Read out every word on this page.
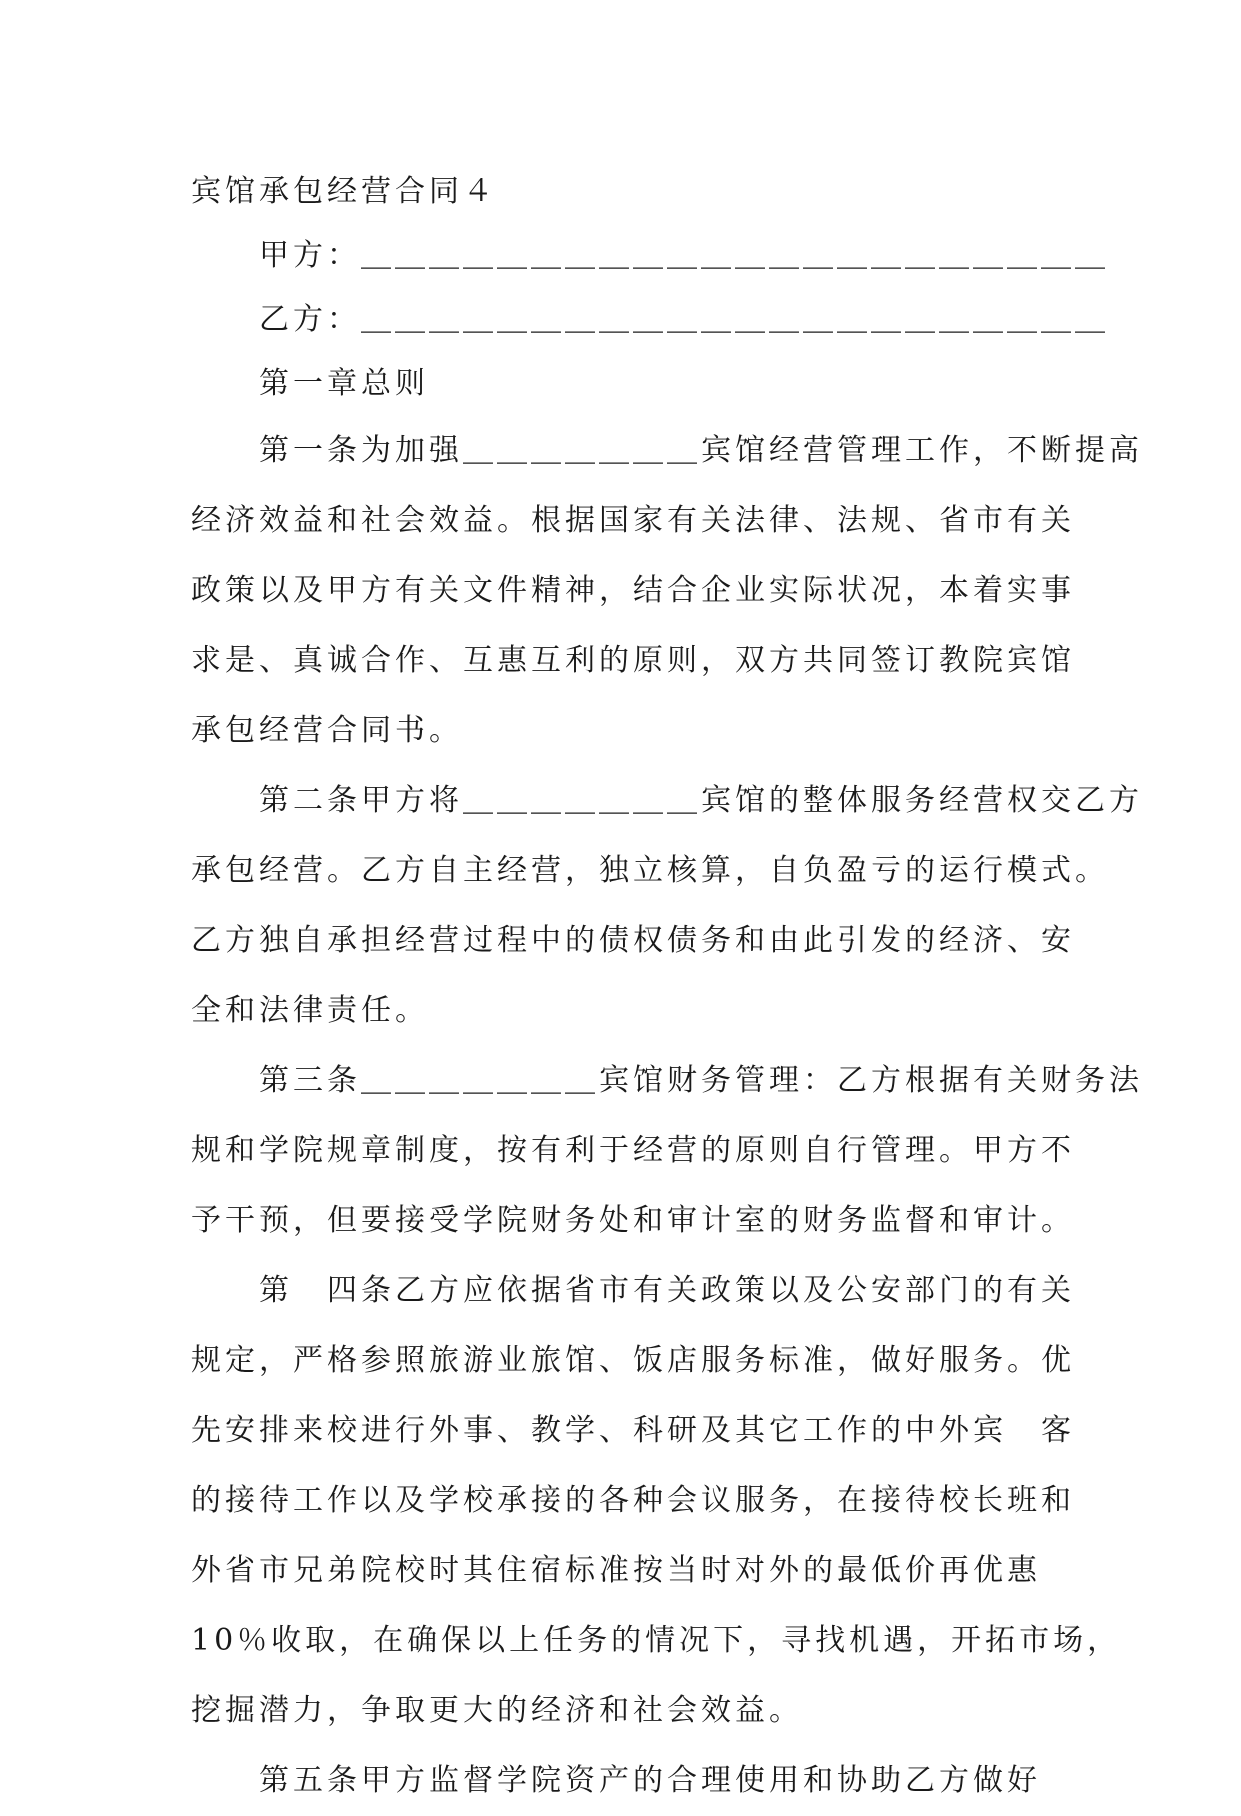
宾馆承包经营合同４
甲方：＿＿＿＿＿＿＿＿＿＿＿＿＿＿＿＿＿＿＿＿＿＿
乙方：＿＿＿＿＿＿＿＿＿＿＿＿＿＿＿＿＿＿＿＿＿＿
第一章总则
第一条为加强＿＿＿＿＿＿＿宾馆经营管理工作，不断提高
经济效益和社会效益。根据国家有关法律、法规、省市有关
政策以及甲方有关文件精神，结合企业实际状况，本着实事
求是、真诚合作、互惠互利的原则，双方共同签订教院宾馆
承包经营合同书。
第二条甲方将＿＿＿＿＿＿＿宾馆的整体服务经营权交乙方
承包经营。乙方自主经营，独立核算，自负盈亏的运行模式。
乙方独自承担经营过程中的债权债务和由此引发的经济、安
全和法律责任。
第三条＿＿＿＿＿＿＿宾馆财务管理：乙方根据有关财务法
规和学院规章制度，按有利于经营的原则自行管理。甲方不
予干预，但要接受学院财务处和审计室的财务监督和审计。
第　四条乙方应依据省市有关政策以及公安部门的有关
规定，严格参照旅游业旅馆、饭店服务标准，做好服务。优
先安排来校进行外事、教学、科研及其它工作的中外宾　客
的接待工作以及学校承接的各种会议服务，在接待校长班和
外省市兄弟院校时其住宿标准按当时对外的最低价再优惠
10％收取，在确保以上任务的情况下，寻找机遇，开拓市场，
挖掘潜力，争取更大的经济和社会效益。
第五条甲方监督学院资产的合理使用和协助乙方做好
